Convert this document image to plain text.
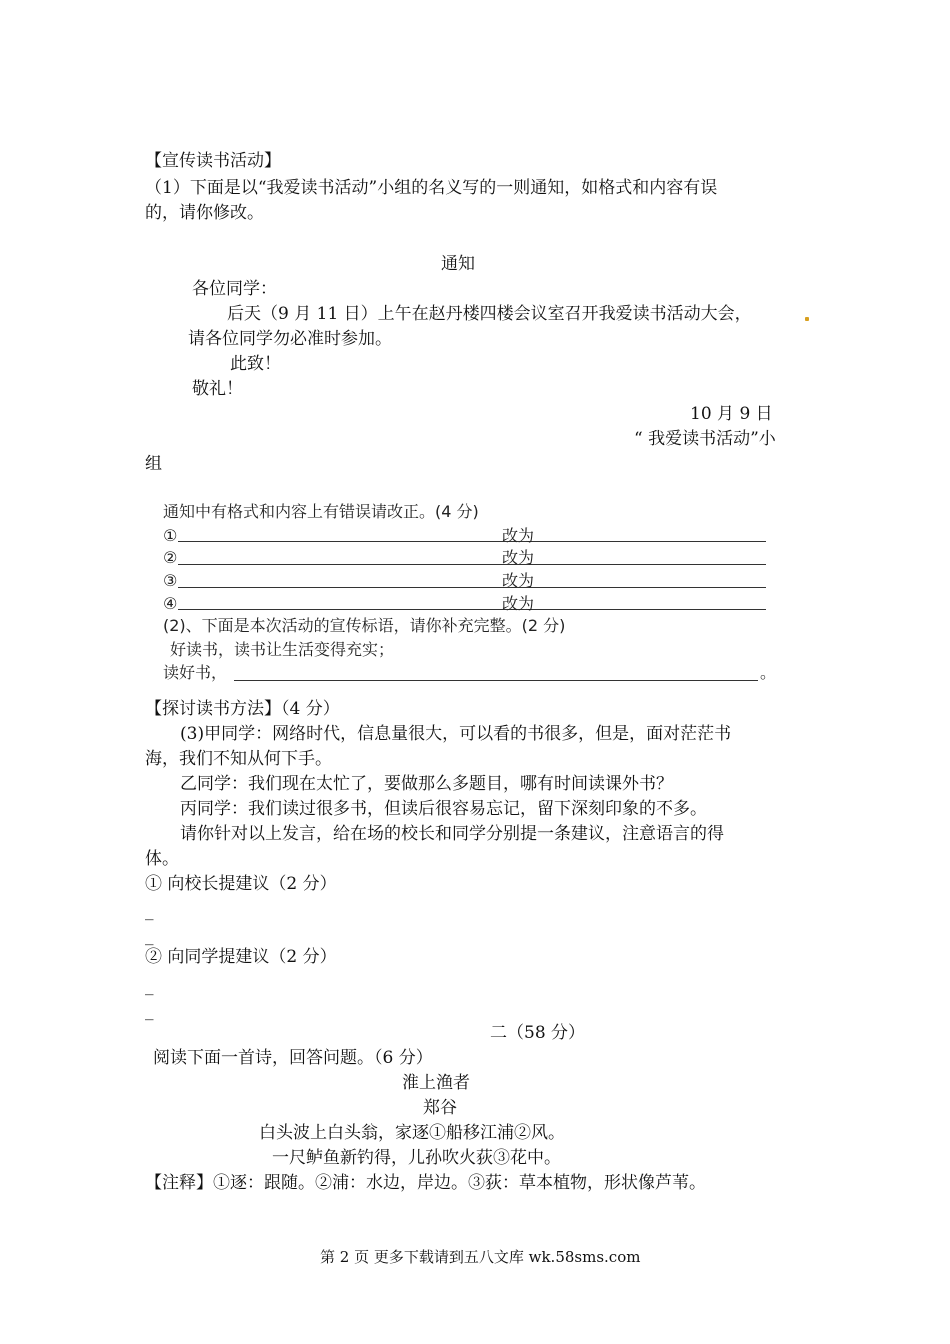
【宣传读书活动】
（1）下面是以“我爱读书活动”小组的名义写的一则通知，如格式和内容有误
的，请你修改。
通知
各位同学：
后天（9 月 11 日）上午在赵丹楼四楼会议室召开我爱读书活动大会，
请各位同学勿必准时参加。
此致！
敬礼！
10 月 9 日
“ 我爱读书活动”小
组
通知中有格式和内容上有错误请改正。(4 分)
①	改为
②	改为
③	改为
④	改为
(2)、下面是本次活动的宣传标语，请你补充完整。(2 分)
好读书，读书让生活变得充实；
读好书，	。
【探讨读书方法】（4 分）
(3)甲同学：网络时代，信息量很大，可以看的书很多，但是，面对茫茫书
海，我们不知从何下手。
乙同学：我们现在太忙了，要做那么多题目，哪有时间读课外书？
丙同学：我们读过很多书，但读后很容易忘记，留下深刻印象的不多。
请你针对以上发言，给在场的校长和同学分别提一条建议，注意语言的得
体。
① 向校长提建议（2 分）
_
_
② 向同学提建议（2 分）
_
_
二（58 分）
阅读下面一首诗，回答问题。（6 分）
淮上渔者
郑谷
白头波上白头翁，家逐①船移江浦②风。
一尺鲈鱼新钓得，儿孙吹火荻③花中。
【注释】①逐：跟随。②浦：水边，岸边。③荻：草本植物，形状像芦苇。
第 2 页 更多下载请到五八文库 wk.58sms.com
